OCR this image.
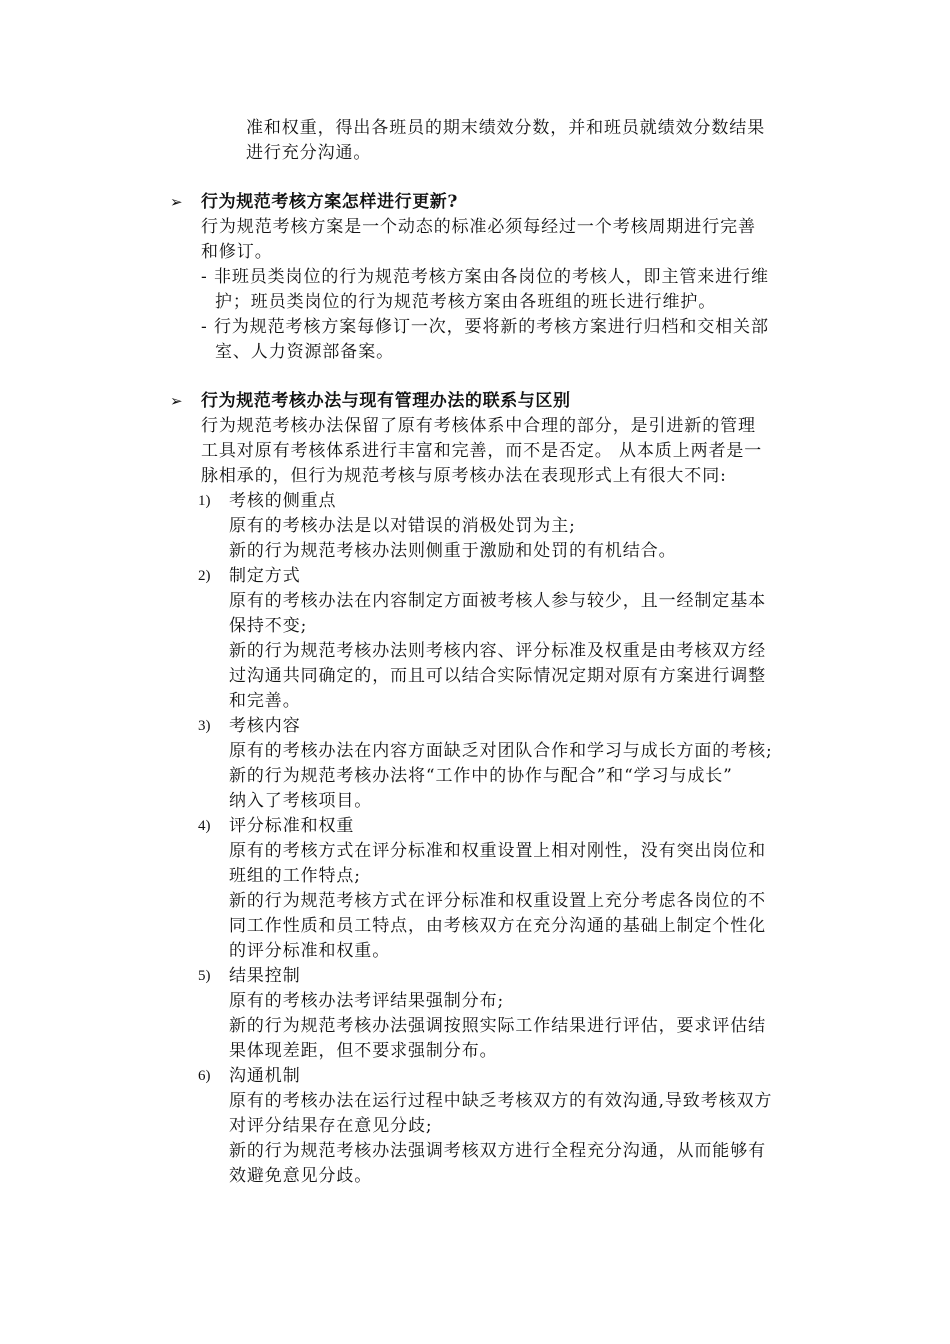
准和权重，得出各班员的期末绩效分数，并和班员就绩效分数结果
进行充分沟通。
➢ 行为规范考核方案怎样进行更新?
行为规范考核方案是一个动态的标准必须每经过一个考核周期进行完善
和修订。
- 非班员类岗位的行为规范考核方案由各岗位的考核人，即主管来进行维
护；班员类岗位的行为规范考核方案由各班组的班长进行维护。
- 行为规范考核方案每修订一次，要将新的考核方案进行归档和交相关部
室、人力资源部备案。
➢ 行为规范考核办法与现有管理办法的联系与区别
行为规范考核办法保留了原有考核体系中合理的部分，是引进新的管理
工具对原有考核体系进行丰富和完善，而不是否定。 从本质上两者是一
脉相承的，但行为规范考核与原考核办法在表现形式上有很大不同:
1) 考核的侧重点
原有的考核办法是以对错误的消极处罚为主;
新的行为规范考核办法则侧重于激励和处罚的有机结合。
2) 制定方式
原有的考核办法在内容制定方面被考核人参与较少，且一经制定基本
保持不变;
新的行为规范考核办法则考核内容、评分标准及权重是由考核双方经
过沟通共同确定的，而且可以结合实际情况定期对原有方案进行调整
和完善。
3) 考核内容
原有的考核办法在内容方面缺乏对团队合作和学习与成长方面的考核;
新的行为规范考核办法将“工作中的协作与配合”和“学习与成长”
纳入了考核项目。
4) 评分标准和权重
原有的考核方式在评分标准和权重设置上相对刚性，没有突出岗位和
班组的工作特点;
新的行为规范考核方式在评分标准和权重设置上充分考虑各岗位的不
同工作性质和员工特点，由考核双方在充分沟通的基础上制定个性化
的评分标准和权重。
5) 结果控制
原有的考核办法考评结果强制分布;
新的行为规范考核办法强调按照实际工作结果进行评估，要求评估结
果体现差距，但不要求强制分布。
6) 沟通机制
原有的考核办法在运行过程中缺乏考核双方的有效沟通,导致考核双方
对评分结果存在意见分歧;
新的行为规范考核办法强调考核双方进行全程充分沟通，从而能够有
效避免意见分歧。
